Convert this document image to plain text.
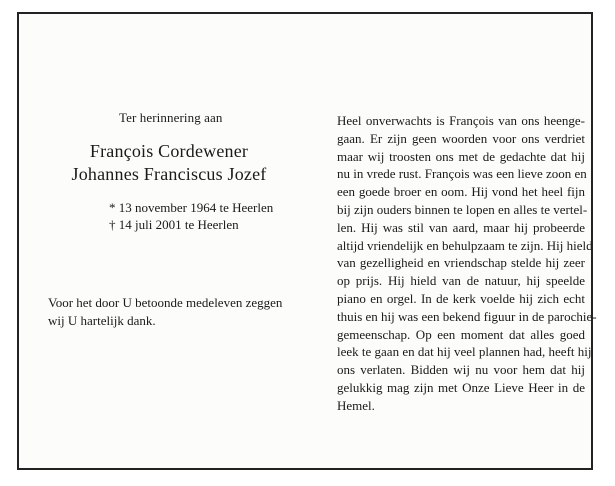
Ter herinnering aan
François Cordewener
Johannes Franciscus Jozef
* 13 november 1964 te Heerlen
† 14 juli 2001 te Heerlen
Voor het door U betoonde medeleven zeggen
wij U hartelijk dank.
Heel onverwachts is François van ons heenge-
gaan. Er zijn geen woorden voor ons verdriet
maar wij troosten ons met de gedachte dat hij
nu in vrede rust. François was een lieve zoon en
een goede broer en oom. Hij vond het heel fijn
bij zijn ouders binnen te lopen en alles te vertel-
len. Hij was stil van aard, maar hij probeerde
altijd vriendelijk en behulpzaam te zijn. Hij hield
van gezelligheid en vriendschap stelde hij zeer
op prijs. Hij hield van de natuur, hij speelde
piano en orgel. In de kerk voelde hij zich echt
thuis en hij was een bekend figuur in de parochie-
gemeenschap. Op een moment dat alles goed
leek te gaan en dat hij veel plannen had, heeft hij
ons verlaten. Bidden wij nu voor hem dat hij
gelukkig mag zijn met Onze Lieve Heer in de
Hemel.
